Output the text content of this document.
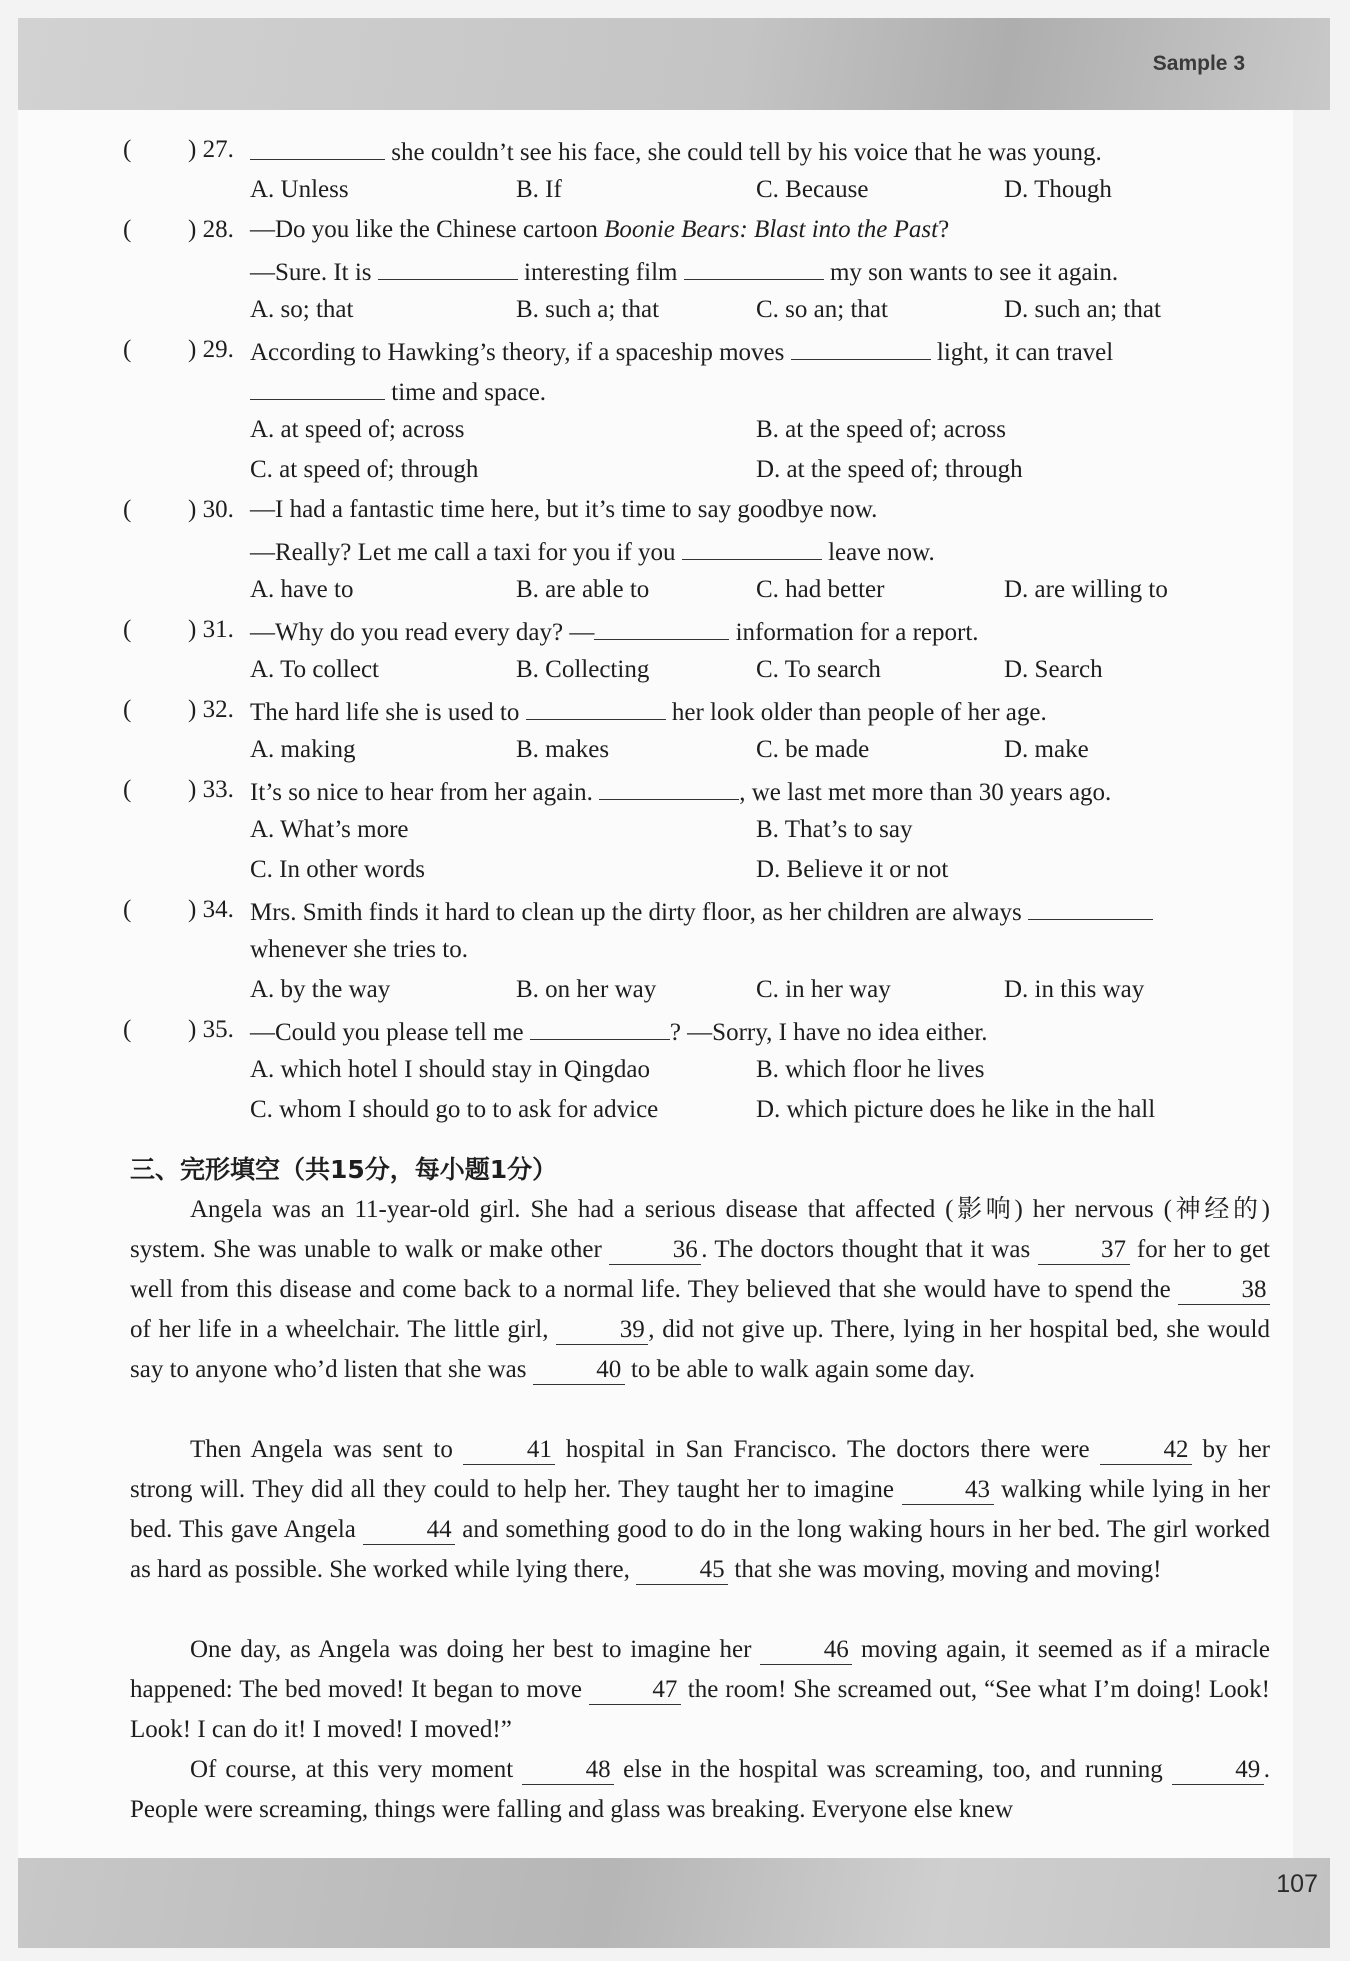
Sample 3
107
( ) 27.	she couldn’t see his face, she could tell by his voice that he was young.
A. Unless	B. If	C. Because	D. Though
( ) 28. —Do you like the Chinese cartoon Boonie Bears: Blast into the Past?
—Sure. It is	interesting film	my son wants to see it again.
A. so; that	B. such a; that	C. so an; that	D. such an; that
( ) 29. According to Hawking’s theory, if a spaceship moves	light, it can travel
time and space.
A. at speed of; across	B. at the speed of; across
C. at speed of; through	D. at the speed of; through
( ) 30. —I had a fantastic time here, but it’s time to say goodbye now.
—Really? Let me call a taxi for you if you	leave now.
A. have to	B. are able to	C. had better	D. are willing to
( ) 31. —Why do you read every day? —	information for a report.
A. To collect	B. Collecting	C. To search	D. Search
( ) 32. The hard life she is used to	her look older than people of her age.
A. making	B. makes	C. be made	D. make
( ) 33. It’s so nice to hear from her again.	, we last met more than 30 years ago.
A. What’s more	B. That’s to say
C. In other words	D. Believe it or not
( ) 34. Mrs. Smith finds it hard to clean up the dirty floor, as her children are always
whenever she tries to.
A. by the way	B. on her way	C. in her way	D. in this way
( ) 35. —Could you please tell me	? —Sorry, I have no idea either.
A. which hotel I should stay in Qingdao	B. which floor he lives
C. whom I should go to to ask for advice	D. which picture does he like in the hall
三、完形填空（共15分，每小题1分）
Angela was an 11-year-old girl. She had a serious disease that affected (影响) her nervous (神经的) system. She was unable to walk or make other	36 . The doctors thought that it was	37 for her to get well from this disease and come back to a normal life. They believed that she would have to spend the	38 of her life in a wheelchair. The little girl,	39 , did not give up. There, lying in her hospital bed, she would say to anyone who’d listen that she was	40 to be able to walk again some day.
Then Angela was sent to	41 hospital in San Francisco. The doctors there were	42 by her strong will. They did all they could to help her. They taught her to imagine	43 walking while lying in her bed. This gave Angela	44 and something good to do in the long waking hours in her bed. The girl worked as hard as possible. She worked while lying there,	45 that she was moving, moving and moving!
One day, as Angela was doing her best to imagine her	46 moving again, it seemed as if a miracle happened: The bed moved! It began to move	47 the room! She screamed out, “See what I’m doing! Look! Look! I can do it! I moved! I moved!”
Of course, at this very moment	48 else in the hospital was screaming, too, and running	49 . People were screaming, things were falling and glass was breaking. Everyone else knew
